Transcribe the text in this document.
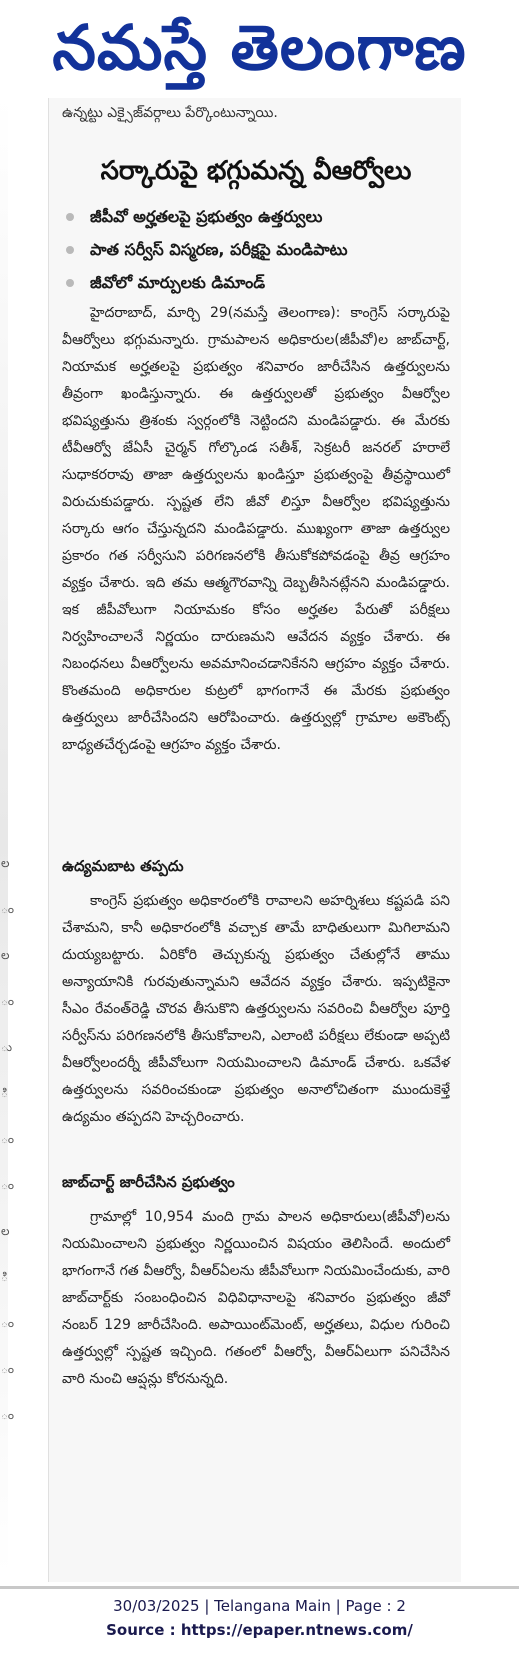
నమస్తే తెలంగాణ
ల
ం
ల
ం
ు
ి
ం
ం
ల
ి
ం
ం
ం
ఉన్నట్టు ఎక్సైజ్‌వర్గాలు పేర్కొంటున్నాయి.
సర్కారుపై భగ్గుమన్న వీఆర్వోలు
జీపీవో అర్హతలపై ప్రభుత్వం ఉత్తర్వులు
పాత సర్వీస్ విస్మరణ, పరీక్షపై మండిపాటు
జీవోలో మార్పులకు డిమాండ్

హైదరాబాద్, మార్చి 29(నమస్తే తెలంగాణ): కాంగ్రెస్ సర్కారుపై వీఆర్వోలు భగ్గుమన్నారు. గ్రామపాలన అధికారుల(జీపీవో)ల జాబ్‌చార్ట్, నియామక అర్హతలపై ప్రభుత్వం శనివారం జారీచేసిన ఉత్తర్వులను తీవ్రంగా ఖండిస్తున్నారు. ఈ ఉత్తర్వులతో ప్రభుత్వం వీఆర్వోల భవిష్యత్తును త్రిశంకు స్వర్గంలోకి నెట్టిందని మండిపడ్డారు. ఈ మేరకు టీవీఆర్వో జేఏసీ చైర్మన్ గోల్కొండ సతీశ్, సెక్రటరీ జనరల్ హరాలే సుధాకరరావు తాజా ఉత్తర్వులను ఖండిస్తూ ప్రభుత్వంపై తీవ్రస్థాయిలో విరుచుకుపడ్డారు. స్పష్టత లేని జీవో లిస్తూ వీఆర్వోల భవిష్యత్తును సర్కారు ఆగం చేస్తున్నదని మండిపడ్డారు. ముఖ్యంగా తాజా ఉత్తర్వుల ప్రకారం గత సర్వీసుని పరిగణనలోకి తీసుకోకపోవడంపై తీవ్ర ఆగ్రహం వ్యక్తం చేశారు. ఇది తమ ఆత్మగౌరవాన్ని దెబ్బతీసినట్లేనని మండిపడ్డారు. ఇక జీపీవోలుగా నియామకం కోసం అర్హతల పేరుతో పరీక్షలు నిర్వహించాలనే నిర్ణయం దారుణమని ఆవేదన వ్యక్తం చేశారు. ఈ నిబంధనలు వీఆర్వోలను అవమానించడానికేనని ఆగ్రహం వ్యక్తం చేశారు. కొంతమంది అధికారుల కుట్రలో భాగంగానే ఈ మేరకు ప్రభుత్వం ఉత్తర్వులు జారీచేసిందని ఆరోపించారు. ఉత్తర్వుల్లో గ్రామాల అకౌంట్స్ బాధ్యతచేర్చడంపై ఆగ్రహం వ్యక్తం చేశారు.

ఉద్యమబాట తప్పదు

కాంగ్రెస్ ప్రభుత్వం అధికారంలోకి రావాలని అహర్నిశలు కష్టపడి పని చేశామని, కానీ అధికారంలోకి వచ్చాక తామే బాధితులుగా మిగిలామని దుయ్యబట్టారు. ఏరికోరి తెచ్చుకున్న ప్రభుత్వం చేతుల్లోనే తాము అన్యాయానికి గురవుతున్నామని ఆవేదన వ్యక్తం చేశారు. ఇప్పటికైనా సీఎం రేవంత్‌రెడ్డి చొరవ తీసుకొని ఉత్తర్వులను సవరించి వీఆర్వోల పూర్తి సర్వీస్‌ను పరిగణనలోకి తీసుకోవాలని, ఎలాంటి పరీక్షలు లేకుండా అప్పటి వీఆర్వోలందర్నీ జీపీవోలుగా నియమించాలని డిమాండ్ చేశారు. ఒకవేళ ఉత్తర్వులను సవరించకుండా ప్రభుత్వం అనాలోచితంగా ముందుకెళ్తే ఉద్యమం తప్పదని హెచ్చరించారు.

జాబ్‌చార్ట్ జారీచేసిన ప్రభుత్వం

గ్రామాల్లో 10,954 మంది గ్రామ పాలన అధికారులు(జీపీవో)లను నియమించాలని ప్రభుత్వం నిర్ణయించిన విషయం తెలిసిందే. అందులో భాగంగానే గత వీఆర్వో, వీఆర్‌ఏలను జీపీవోలుగా నియమించేందుకు, వారి జాబ్‌చార్ట్‌కు సంబంధించిన విధివిధానాలపై శనివారం ప్రభుత్వం జీవో నంబర్ 129 జారీచేసింది. అపాయింట్‌మెంట్, అర్హతలు, విధుల గురించి ఉత్తర్వుల్లో స్పష్టత ఇచ్చింది. గతంలో వీఆర్వో, వీఆర్‌ఏలుగా పనిచేసిన వారి నుంచి ఆప్షన్లు కోరనున్నది.

30/03/2025 | Telangana Main | Page : 2
Source : https://epaper.ntnews.com/
